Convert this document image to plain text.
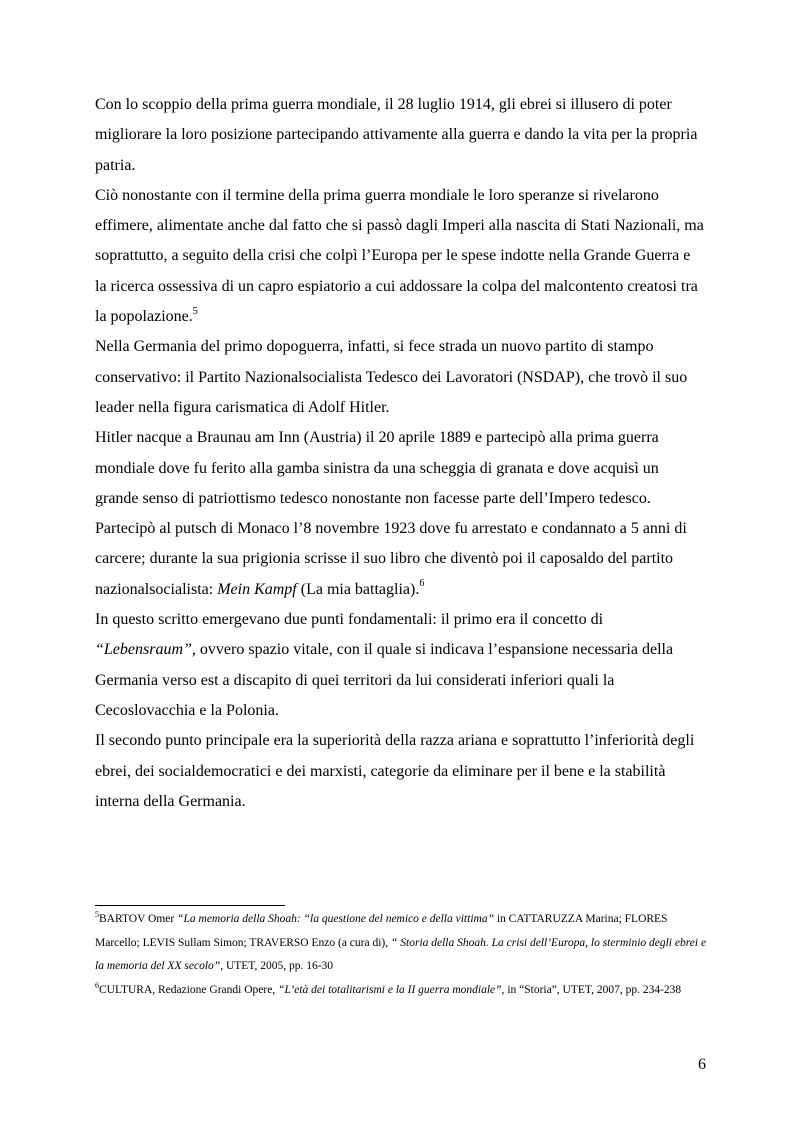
Con lo scoppio della prima guerra mondiale, il 28 luglio 1914, gli ebrei si illusero di poter migliorare la loro posizione partecipando attivamente alla guerra e dando la vita per la propria patria.

Ciò nonostante con il termine della prima guerra mondiale le loro speranze si rivelarono effimere, alimentate anche dal fatto che si passò dagli Imperi alla nascita di Stati Nazionali, ma soprattutto, a seguito della crisi che colpì l’Europa per le spese indotte nella Grande Guerra e la ricerca ossessiva di un capro espiatorio a cui addossare la colpa del malcontento creatosi tra la popolazione.$^5$

Nella Germania del primo dopoguerra, infatti, si fece strada un nuovo partito di stampo conservativo: il Partito Nazionalsocialista Tedesco dei Lavoratori (NSDAP), che trovò il suo leader nella figura carismatica di Adolf Hitler.

Hitler nacque a Braunau am Inn (Austria) il 20 aprile 1889 e partecipò alla prima guerra mondiale dove fu ferito alla gamba sinistra da una scheggia di granata e dove acquisì un grande senso di patriottismo tedesco nonostante non facesse parte dell’Impero tedesco.

Partecipò al putsch di Monaco l’8 novembre 1923 dove fu arrestato e condannato a 5 anni di carcere; durante la sua prigionia scrisse il suo libro che diventò poi il caposaldo del partito nazionalsocialista: Mein Kampf (La mia battaglia).$^6$

In questo scritto emergevano due punti fondamentali: il primo era il concetto di “Lebensraum”, ovvero spazio vitale, con il quale si indicava l’espansione necessaria della Germania verso est a discapito di quei territori da lui considerati inferiori quali la Cecoslovacchia e la Polonia.

Il secondo punto principale era la superiorità della razza ariana e soprattutto l’inferiorità degli ebrei, dei socialdemocratici e dei marxisti, categorie da eliminare per il bene e la stabilità interna della Germania.

$^5$BARTOV Omer “La memoria della Shoah: “la questione del nemico e della vittima” in CATTARUZZA Marina; FLORES Marcello; LEVIS Sullam Simon; TRAVERSO Enzo (a cura di), “ Storia della Shoah. La crisi dell’Europa, lo sterminio degli ebrei e la memoria del XX secolo”, UTET, 2005, pp. 16-30

$^6$CULTURA, Redazione Grandi Opere, “L’età dei totalitarismi e la II guerra mondiale”, in “Storia”, UTET, 2007, pp. 234-238

6
